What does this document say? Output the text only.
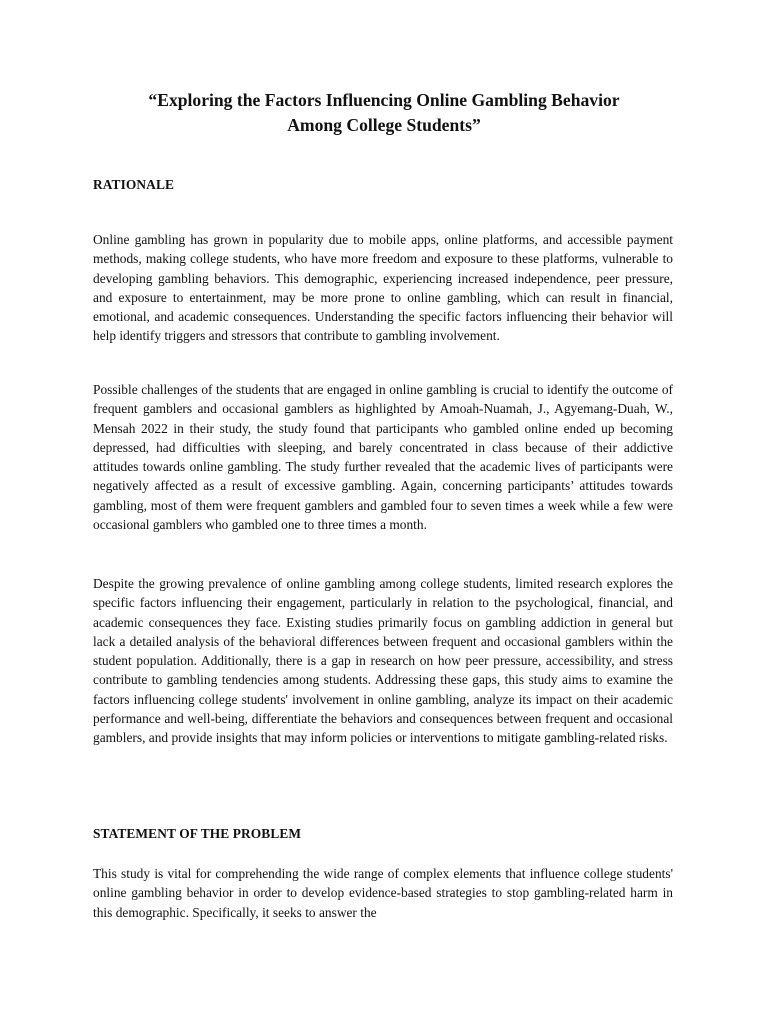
“Exploring the Factors Influencing Online Gambling Behavior
Among College Students”
RATIONALE

Online gambling has grown in popularity due to mobile apps, online platforms, and accessible payment methods, making college students, who have more freedom and exposure to these platforms, vulnerable to developing gambling behaviors. This demographic, experiencing increased independence, peer pressure, and exposure to entertainment, may be more prone to online gambling, which can result in financial, emotional, and academic consequences. Understanding the specific factors influencing their behavior will help identify triggers and stressors that contribute to gambling involvement.

Possible challenges of the students that are engaged in online gambling is crucial to identify the outcome of frequent gamblers and occasional gamblers as highlighted by Amoah-Nuamah, J., Agyemang-Duah, W., Mensah 2022 in their study, the study found that participants who gambled online ended up becoming depressed, had difficulties with sleeping, and barely concentrated in class because of their addictive attitudes towards online gambling. The study further revealed that the academic lives of participants were negatively affected as a result of excessive gambling. Again, concerning participants’ attitudes towards gambling, most of them were frequent gamblers and gambled four to seven times a week while a few were occasional gamblers who gambled one to three times a month.

Despite the growing prevalence of online gambling among college students, limited research explores the specific factors influencing their engagement, particularly in relation to the psychological, financial, and academic consequences they face. Existing studies primarily focus on gambling addiction in general but lack a detailed analysis of the behavioral differences between frequent and occasional gamblers within the student population. Additionally, there is a gap in research on how peer pressure, accessibility, and stress contribute to gambling tendencies among students. Addressing these gaps, this study aims to examine the factors influencing college students' involvement in online gambling, analyze its impact on their academic performance and well-being, differentiate the behaviors and consequences between frequent and occasional gamblers, and provide insights that may inform policies or interventions to mitigate gambling-related risks.

STATEMENT OF THE PROBLEM

This study is vital for comprehending the wide range of complex elements that influence college students' online gambling behavior in order to develop evidence-based strategies to stop gambling-related harm in this demographic. Specifically, it seeks to answer the
